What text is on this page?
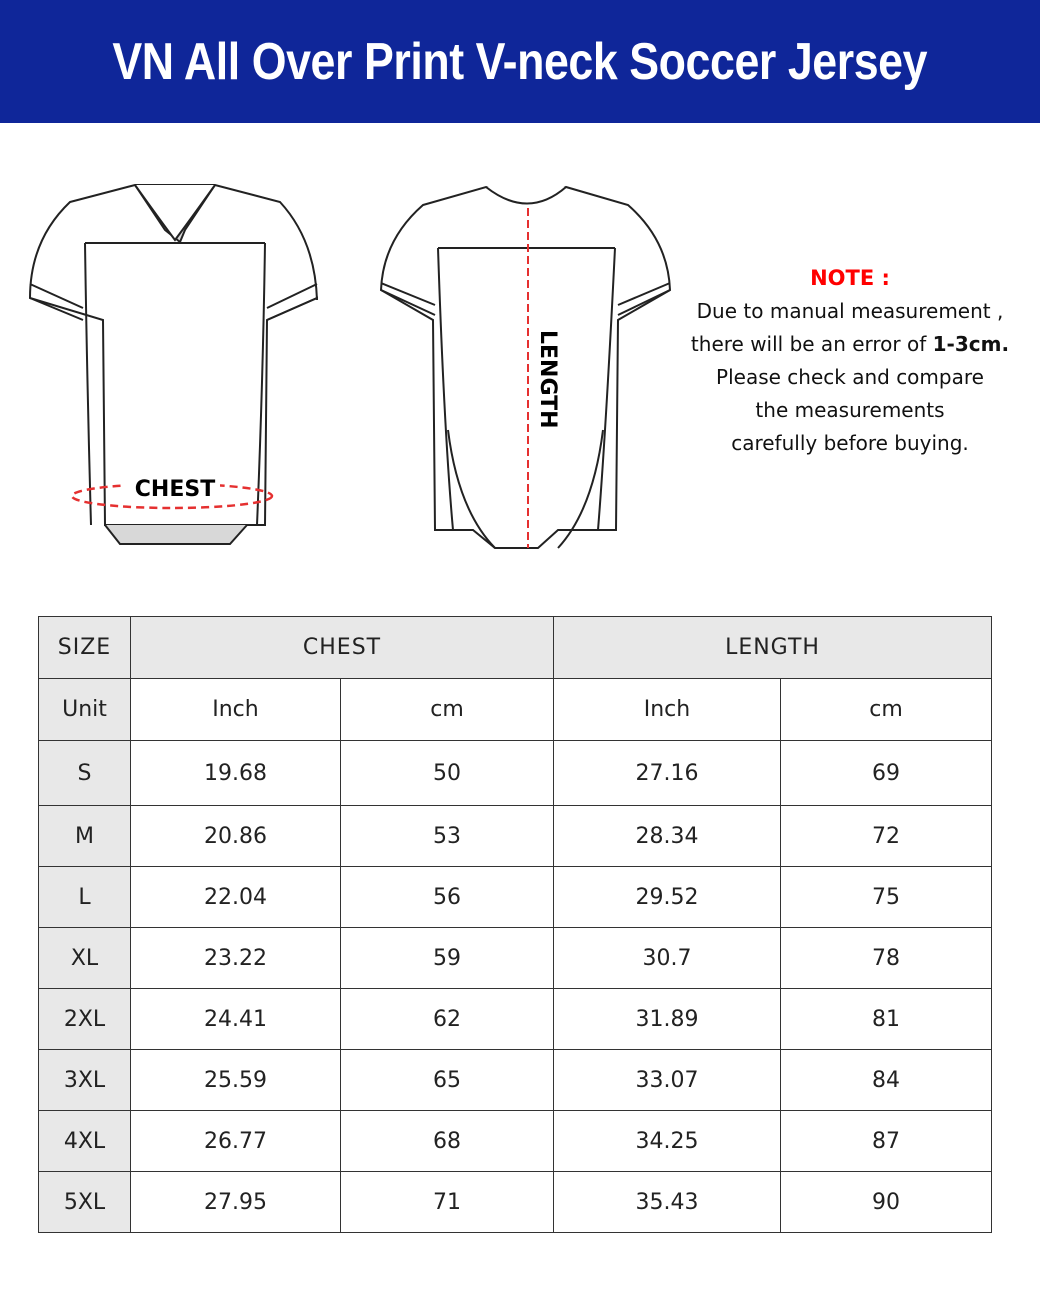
VN All Over Print V-neck Soccer Jersey
CHEST
LENGTH
NOTE :
Due to manual measurement ,
there will be an error of 1-3cm.
Please check and compare
the measurements
carefully before buying.
SIZE	CHEST		LENGTH	
Unit	Inch	cm	Inch	cm
S	19.68	50	27.16	69
M	20.86	53	28.34	72
L	22.04	56	29.52	75
XL	23.22	59	30.7	78
2XL	24.41	62	31.89	81
3XL	25.59	65	33.07	84
4XL	26.77	68	34.25	87
5XL	27.95	71	35.43	90
